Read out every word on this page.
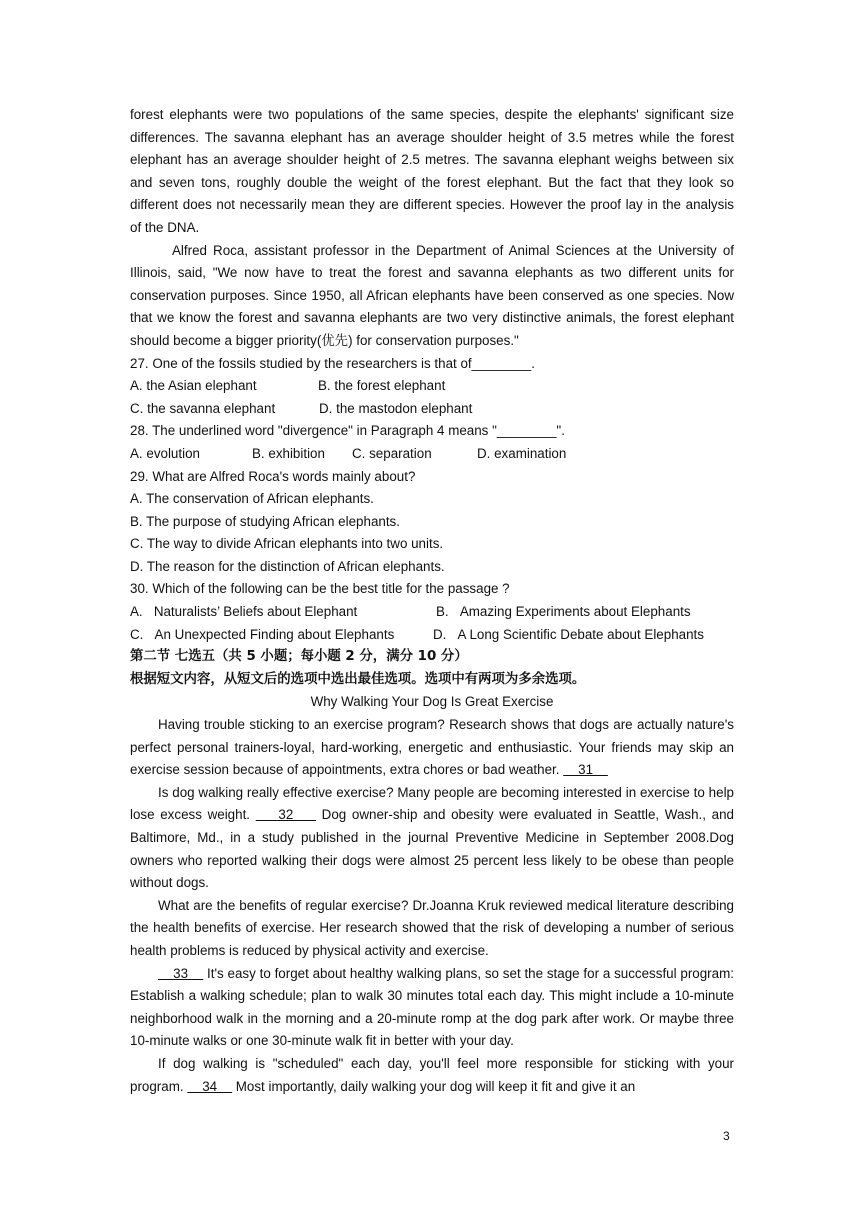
forest elephants were two populations of the same species, despite the elephants' significant size differences. The savanna elephant has an average shoulder height of 3.5 metres while the forest elephant has an average shoulder height of 2.5 metres. The savanna elephant weighs between six and seven tons, roughly double the weight of the forest elephant. But the fact that they look so different does not necessarily mean they are different species. However the proof lay in the analysis of the DNA.

Alfred Roca, assistant professor in the Department of Animal Sciences at the University of Illinois, said, "We now have to treat the forest and savanna elephants as two different units for conservation purposes. Since 1950, all African elephants have been conserved as one species. Now that we know the forest and savanna elephants are two very distinctive animals, the forest elephant should become a bigger priority(优先) for conservation purposes."

27. One of the fossils studied by the researchers is that of________.

A. the Asian elephant	B. the forest elephant
C. the savanna elephant	D. the mastodon elephant

28. The underlined word "divergence" in Paragraph 4 means "________".

A. evolution	B. exhibition	C. separation	D. examination

29. What are Alfred Roca's words mainly about?

A. The conservation of African elephants.

B. The purpose of studying African elephants.

C. The way to divide African elephants into two units.

D. The reason for the distinction of African elephants.

30. Which of the following can be the best title for the passage ?

A.   Naturalists’ Beliefs about Elephant	B.   Amazing Experiments about Elephants
C.   An Unexpected Finding about Elephants	D.   A Long Scientific Debate about Elephants

第二节 七选五（共 5 小题；每小题 2 分，满分 10 分）

根据短文内容，从短文后的选项中选出最佳选项。选项中有两项为多余选项。

Why Walking Your Dog Is Great Exercise

Having trouble sticking to an exercise program? Research shows that dogs are actually nature's perfect personal trainers-loyal, hard-working, energetic and enthusiastic. Your friends may skip an exercise session because of appointments, extra chores or bad weather.     31

Is dog walking really effective exercise? Many people are becoming interested in exercise to help lose excess weight.     32     Dog owner-ship and obesity were evaluated in Seattle, Wash., and Baltimore, Md., in a study published in the journal Preventive Medicine in September 2008.Dog owners who reported walking their dogs were almost 25 percent less likely to be obese than people without dogs.

What are the benefits of regular exercise? Dr.Joanna Kruk reviewed medical literature describing the health benefits of exercise. Her research showed that the risk of developing a number of serious health problems is reduced by physical activity and exercise.

33     It's easy to forget about healthy walking plans, so set the stage for a successful program: Establish a walking schedule; plan to walk 30 minutes total each day. This might include a 10-minute neighborhood walk in the morning and a 20-minute romp at the dog park after work. Or maybe three 10-minute walks or one 30-minute walk fit in better with your day.

If dog walking is "scheduled" each day, you'll feel more responsible for sticking with your program.     34     Most importantly, daily walking your dog will keep it fit and give it an

3
